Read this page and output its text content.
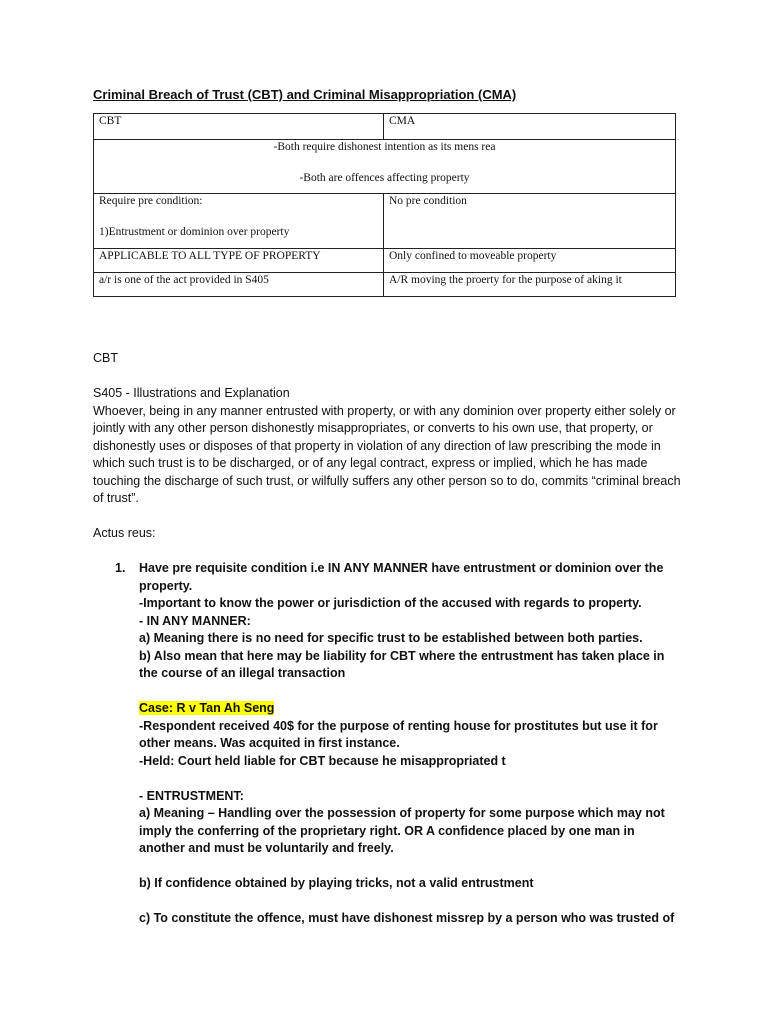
Criminal Breach of Trust (CBT) and Criminal Misappropriation (CMA)
CBT	CMA

-Both require dishonest intention as its mens rea
-Both are offences affecting property	

Require pre condition:
1)Entrustment or dominion over property	No pre condition
APPLICABLE TO ALL TYPE OF PROPERTY	Only confined to moveable property
a/r is one of the act provided in S405	A/R moving the proerty for the purpose of aking it

CBT

S405 - Illustrations and Explanation

Whoever, being in any manner entrusted with property, or with any dominion over property either solely or jointly with any other person dishonestly misappropriates, or converts to his own use, that property, or dishonestly uses or disposes of that property in violation of any direction of law prescribing the mode in which such trust is to be discharged, or of any legal contract, express or implied, which he has made touching the discharge of such trust, or wilfully suffers any other person so to do, commits “criminal breach of trust”.

Actus reus:

1. Have pre requisite condition i.e IN ANY MANNER have entrustment or dominion over the property.

-Important to know the power or jurisdiction of the accused with regards to property.

- IN ANY MANNER:

a) Meaning there is no need for specific trust to be established between both parties.

b) Also mean that here may be liability for CBT where the entrustment has taken place in the course of an illegal transaction

Case: R v Tan Ah Seng

-Respondent received 40$ for the purpose of renting house for prostitutes but use it for other means. Was acquited in first instance.

-Held: Court held liable for CBT because he misappropriated t

- ENTRUSTMENT:

a) Meaning – Handling over the possession of property for some purpose which may not imply the conferring of the proprietary right. OR A confidence placed by one man in another and must be voluntarily and freely.

b) If confidence obtained by playing tricks, not a valid entrustment

c) To constitute the offence, must have dishonest missrep by a person who was trusted of
